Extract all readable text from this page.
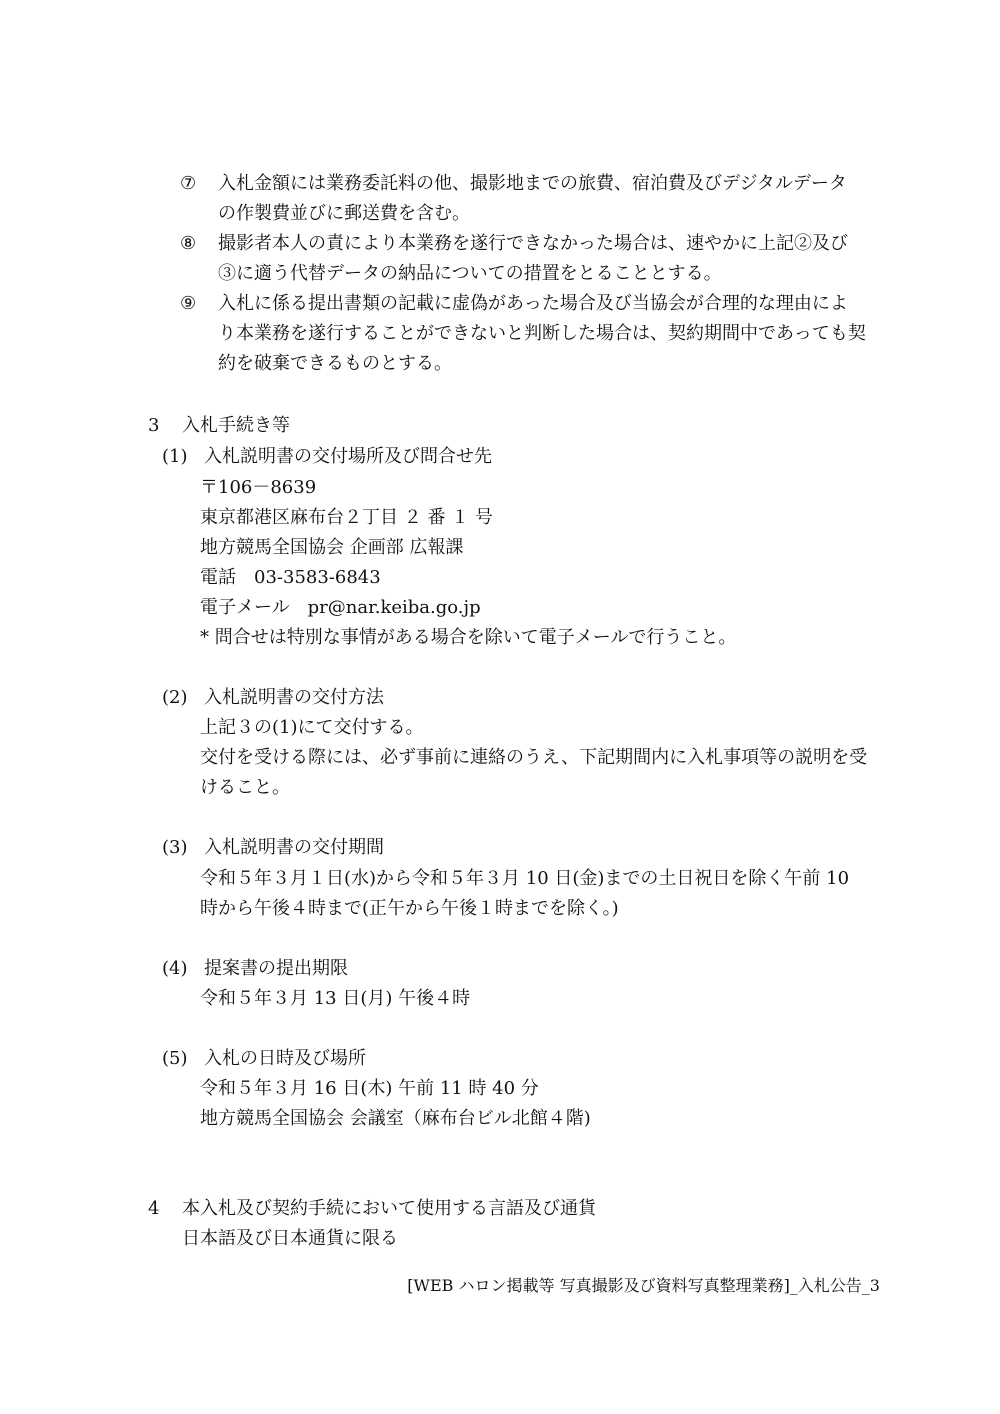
⑦ 入札金額には業務委託料の他、撮影地までの旅費、宿泊費及びデジタルデータ
の作製費並びに郵送費を含む。
⑧ 撮影者本人の責により本業務を遂行できなかった場合は、速やかに上記②及び
③に適う代替データの納品についての措置をとることとする。
⑨ 入札に係る提出書類の記載に虚偽があった場合及び当協会が合理的な理由によ
り本業務を遂行することができないと判断した場合は、契約期間中であっても契
約を破棄できるものとする。
3 入札手続き等
(1) 入札説明書の交付場所及び問合せ先
〒106－8639
東京都港区麻布台２丁目 ２ 番 １ 号
地方競馬全国協会 企画部 広報課
電話　03-3583-6843
電子メール　pr@nar.keiba.go.jp
* 問合せは特別な事情がある場合を除いて電子メールで行うこと。
(2) 入札説明書の交付方法
上記３の(1)にて交付する。
交付を受ける際には、必ず事前に連絡のうえ、下記期間内に入札事項等の説明を受
けること。
(3) 入札説明書の交付期間
令和５年３月１日(水)から令和５年３月 10 日(金)までの土日祝日を除く午前 10
時から午後４時まで(正午から午後１時までを除く。)
(4) 提案書の提出期限
令和５年３月 13 日(月) 午後４時
(5) 入札の日時及び場所
令和５年３月 16 日(木) 午前 11 時 40 分
地方競馬全国協会 会議室（麻布台ビル北館４階)
4 本入札及び契約手続において使用する言語及び通貨
日本語及び日本通貨に限る
[WEB ハロン掲載等 写真撮影及び資料写真整理業務]_入札公告_3
